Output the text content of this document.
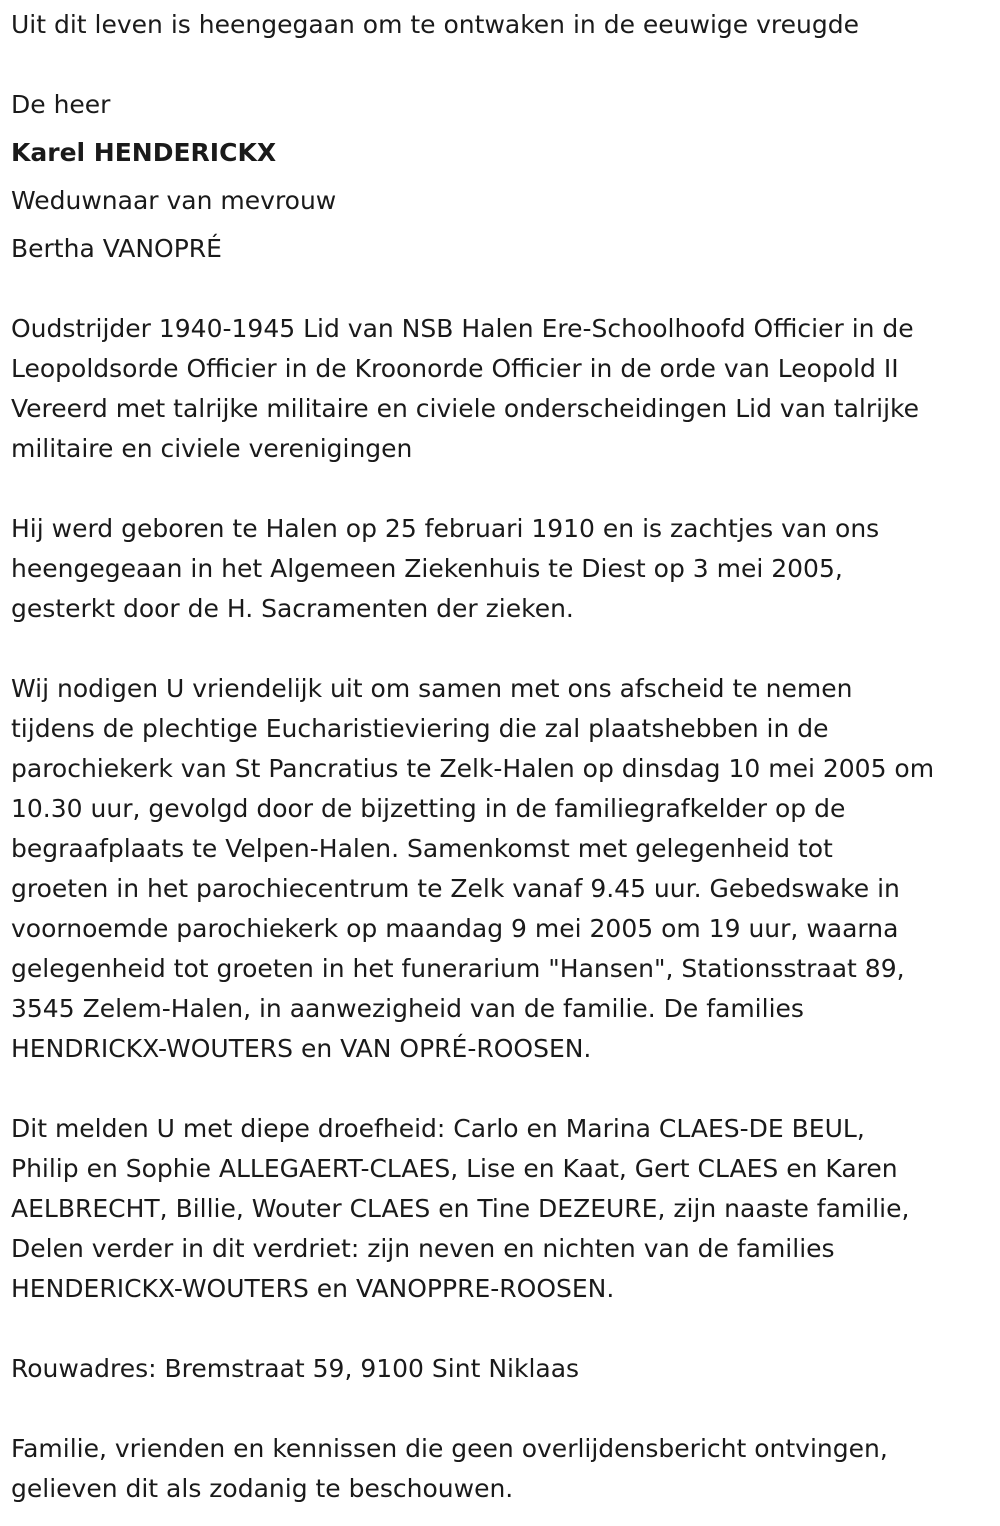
Uit dit leven is heengegaan om te ontwaken in de eeuwige vreugde

De heer

Karel HENDERICKX

Weduwnaar van mevrouw

Bertha VANOPRÉ

Oudstrijder 1940-1945 Lid van NSB Halen Ere-Schoolhoofd Officier in de
Leopoldsorde Officier in de Kroonorde Officier in de orde van Leopold II
Vereerd met talrijke militaire en civiele onderscheidingen Lid van talrijke
militaire en civiele verenigingen

Hij werd geboren te Halen op 25 februari 1910 en is zachtjes van ons
heengegeaan in het Algemeen Ziekenhuis te Diest op 3 mei 2005,
gesterkt door de H. Sacramenten der zieken.

Wij nodigen U vriendelijk uit om samen met ons afscheid te nemen
tijdens de plechtige Eucharistieviering die zal plaatshebben in de
parochiekerk van St Pancratius te Zelk-Halen op dinsdag 10 mei 2005 om
10.30 uur, gevolgd door de bijzetting in de familiegrafkelder op de
begraafplaats te Velpen-Halen. Samenkomst met gelegenheid tot
groeten in het parochiecentrum te Zelk vanaf 9.45 uur. Gebedswake in
voornoemde parochiekerk op maandag 9 mei 2005 om 19 uur, waarna
gelegenheid tot groeten in het funerarium "Hansen", Stationsstraat 89,
3545 Zelem-Halen, in aanwezigheid van de familie. De families
HENDRICKX-WOUTERS en VAN OPRÉ-ROOSEN.

Dit melden U met diepe droefheid: Carlo en Marina CLAES-DE BEUL,
Philip en Sophie ALLEGAERT-CLAES, Lise en Kaat, Gert CLAES en Karen
AELBRECHT, Billie, Wouter CLAES en Tine DEZEURE, zijn naaste familie,
Delen verder in dit verdriet: zijn neven en nichten van de families
HENDERICKX-WOUTERS en VANOPPRE-ROOSEN.

Rouwadres: Bremstraat 59, 9100 Sint Niklaas

Familie, vrienden en kennissen die geen overlijdensbericht ontvingen,
gelieven dit als zodanig te beschouwen.
